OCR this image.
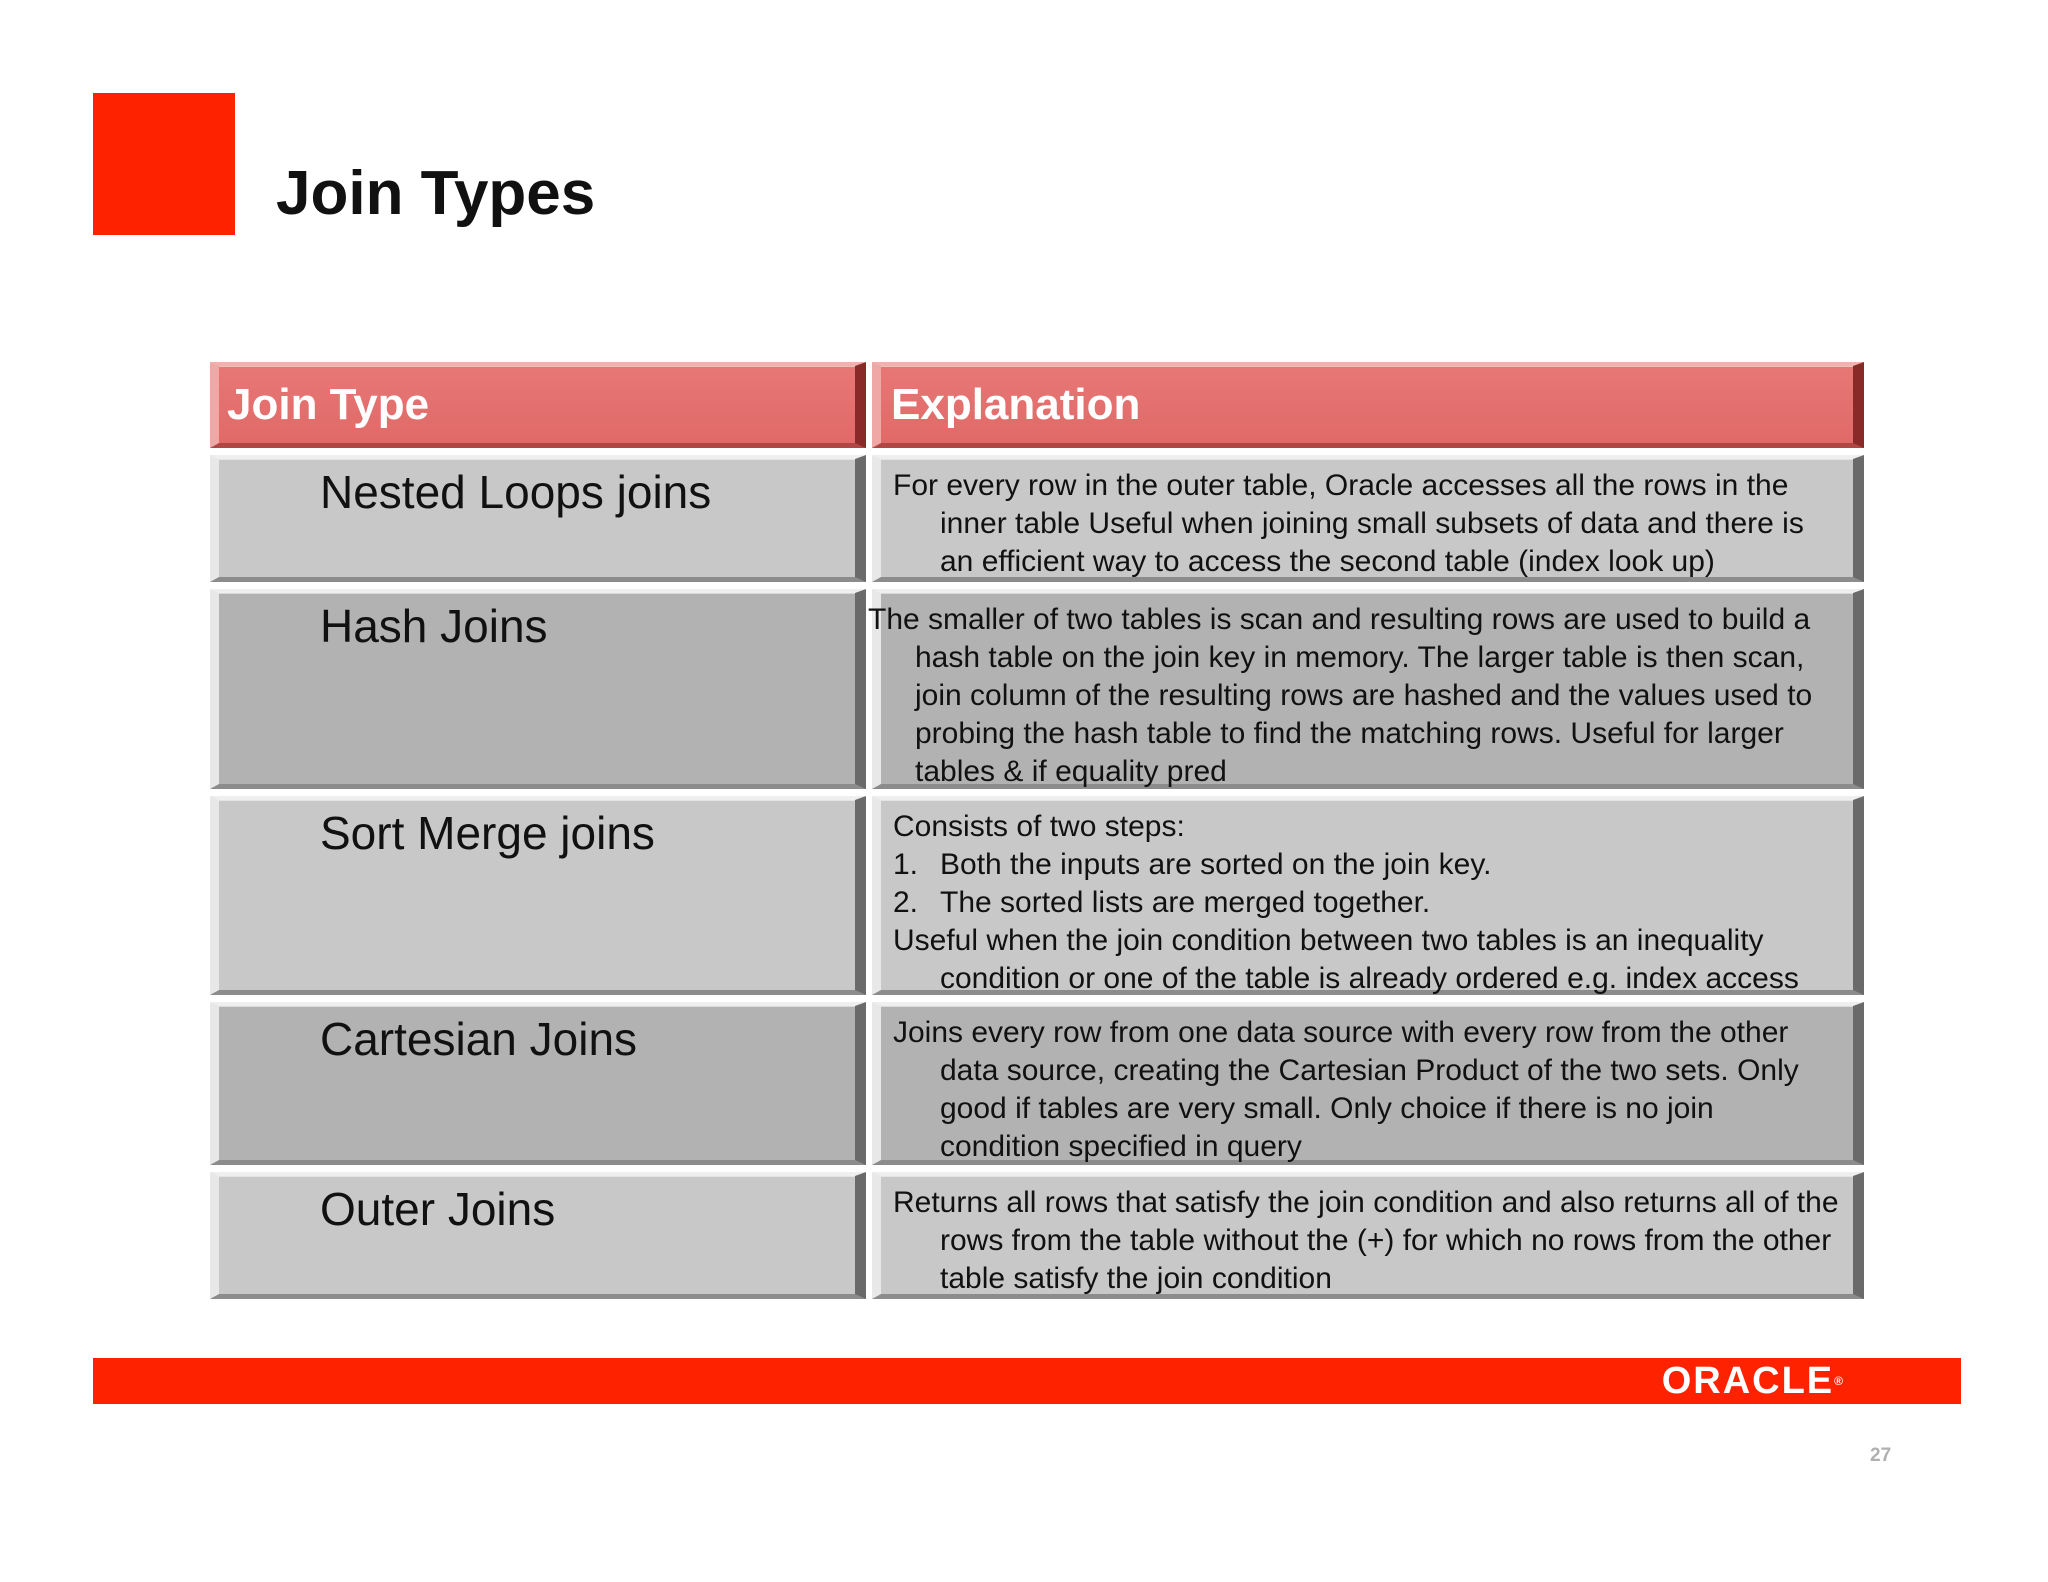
Join Types
Join Type	Explanation
Nested Loops joins	For every row in the outer table, Oracle accesses all the rows in the inner table Useful when joining small subsets of data and there is an efficient way to access the second table (index look up)
Hash Joins	The smaller of two tables is scan and resulting rows are used to build a hash table on the join key in memory. The larger table is then scan, join column of the resulting rows are hashed and the values used to probing the hash table to find the matching rows. Useful for larger tables & if equality pred
Sort Merge joins	Consists of two steps:
1. Both the inputs are sorted on the join key.
2. The sorted lists are merged together.
Useful when the join condition between two tables is an inequality condition or one of the table is already ordered e.g. index access
Cartesian Joins	Joins every row from one data source with every row from the other data source, creating the Cartesian Product of the two sets. Only good if tables are very small. Only choice if there is no join condition specified in query
Outer Joins	Returns all rows that satisfy the join condition and also returns all of the rows from the table without the (+) for which no rows from the other table satisfy the join condition
ORACLE®
27
